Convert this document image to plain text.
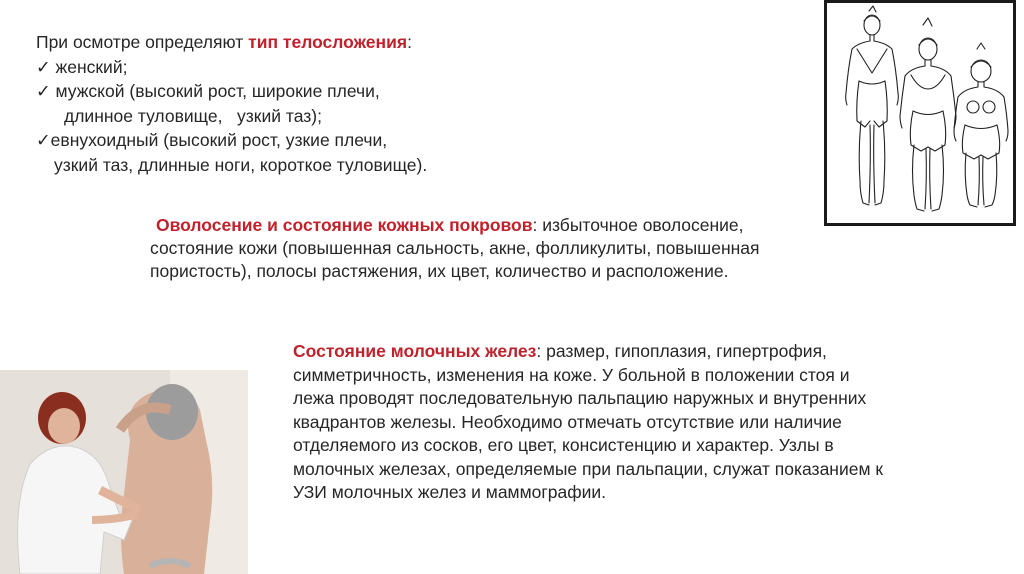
При осмотре определяют тип телосложения:
✓ женский;
✓ мужской (высокий рост, широкие плечи,
длинное туловище,   узкий таз);
✓евнухоидный (высокий рост, узкие плечи,
узкий таз, длинные ноги, короткое туловище).
Оволосение и состояние кожных покровов: избыточное оволосение,
состояние кожи (повышенная сальность, акне, фолликулиты, повышенная
пористость), полосы растяжения, их цвет, количество и расположение.
Состояние молочных желез: размер, гипоплазия, гипертрофия,
симметричность, изменения на коже. У больной в положении стоя и
лежа проводят последовательную пальпацию наружных и внутренних
квадрантов железы. Необходимо отмечать отсутствие или наличие
отделяемого из сосков, его цвет, консистенцию и характер. Узлы в
молочных железах, определяемые при пальпации, служат показанием к
УЗИ молочных желез и маммографии.
